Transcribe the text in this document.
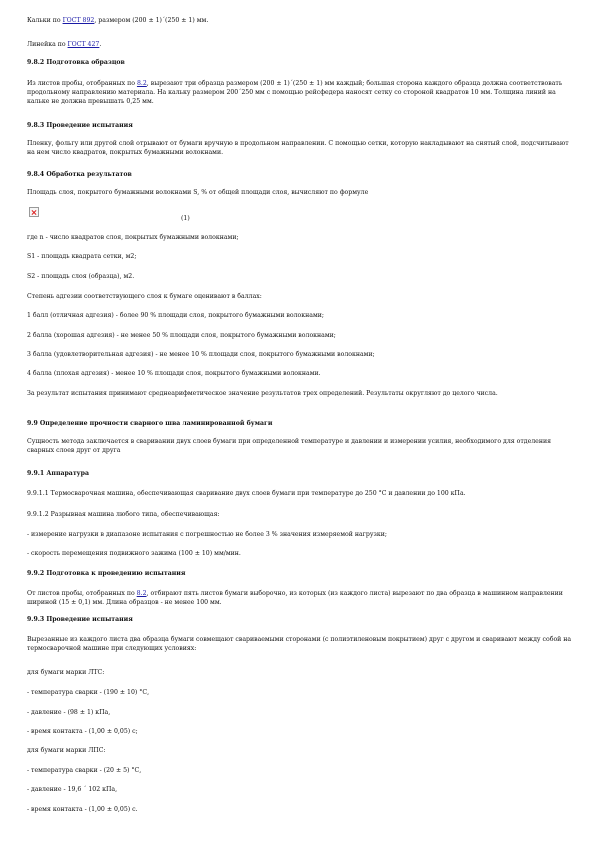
Кальки по ГОСТ 892, размером (200 ± 1)´(250 ± 1) мм.

Линейка по ГОСТ 427.

9.8.2 Подготовка образцов

Из листов пробы, отобранных по 8.2, вырезают три образца размером (200 ± 1)´(250 ± 1) мм каждый; большая сторона каждого образца должна соответствовать продольному направлению материала. На кальку размером 200´250 мм с помощью рейсфедера наносят сетку со стороной квадратов 10 мм. Толщина линий на кальке не должна превышать 0,25 мм.

9.8.3 Проведение испытания

Пленку, фольгу или другой слой отрывают от бумаги вручную в продольном направлении. С помощью сетки, которую накладывают на снятый слой, подсчитывают на нем число квадратов, покрытых бумажными волокнами.

9.8.4 Обработка результатов

Площадь слоя, покрытого бумажными волокнами S, % от общей площади слоя, вычисляют по формуле

(1)

где n - число квадратов слоя, покрытых бумажными волокнами;

S1 - площадь квадрата сетки, м2;

S2 - площадь слоя (образца), м2.

Степень адгезии соответствующего слоя к бумаге оценивают в баллах:

1 балл (отличная адгезия) - более 90 % площади слоя, покрытого бумажными волокнами;

2 балла (хорошая адгезия) - не менее 50 % площади слоя, покрытого бумажными волокнами;

3 балла (удовлетворительная адгезия) - не менее 10 % площади слоя, покрытого бумажными волокнами;

4 балла (плохая адгезия) - менее 10 % площади слоя, покрытого бумажными волокнами.

За результат испытания принимают среднеарифметическое значение результатов трех определений. Результаты округляют до целого числа.

9.9 Определение прочности сварного шва ламинированной бумаги

Сущность метода заключается в сваривании двух слоев бумаги при определенной температуре и давлении и измерении усилия, необходимого для отделения сварных слоев друг от друга

9.9.1 Аппаратура

9.9.1.1 Термосварочная машина, обеспечивающая сваривание двух слоев бумаги при температуре до 250 °С и давлении до 100 кПа.

9.9.1.2 Разрывная машина любого типа, обеспечивающая:

- измерение нагрузки в диапазоне испытания с погрешностью не более 3 % значения измеряемой нагрузки;

- скорость перемещения подвижного зажима (100 ± 10) мм/мин.

9.9.2 Подготовка к проведению испытания

От листов пробы, отобранных по 8.2, отбирают пять листов бумаги выборочно, из которых (из каждого листа) вырезают по два образца в машинном направлении шириной (15 ± 0,1) мм. Длина образцов - не менее 100 мм.

9.9.3 Проведение испытания

Вырезанные из каждого листа два образца бумаги совмещают свариваемыми сторонами (с полиэтиленовым покрытием) друг с другом и сваривают между собой на термосварочной машине при следующих условиях:

для бумаги марки ЛТС:

- температура сварки - (190 ± 10) °С,

- давление - (98 ± 1) кПа,

- время контакта - (1,00 ± 0,05) с;

для бумаги марки ЛПС:

- температура сварки - (20 ± 5) °С,

- давление - 19,6 ´ 102 кПа,

- время контакта - (1,00 ± 0,05) с.
